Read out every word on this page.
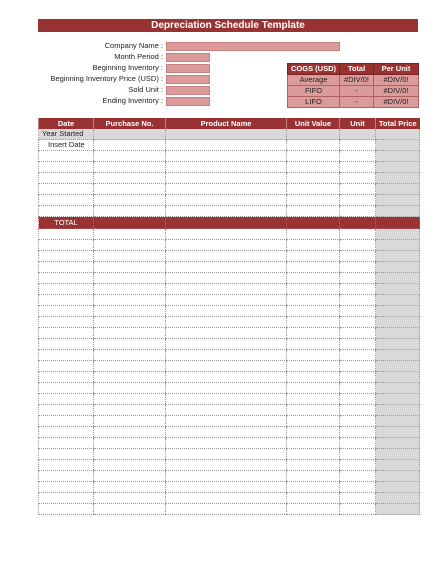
Depreciation Schedule Template
Company Name :
Month Period :
Beginning Inventory :
Beginning Inventory Price (USD) :
Sold Unit :
Ending Inventory :
COGS (USD)	Total	Per Unit
Average	#DIV/0!	#DIV/0!
FIFO	-	#DIV/0!
LIFO	-	#DIV/0!
Date	Purchase No.	Product Name	Unit Value	Unit	Total Price
Year Started					
Insert Date					

TOTAL					
